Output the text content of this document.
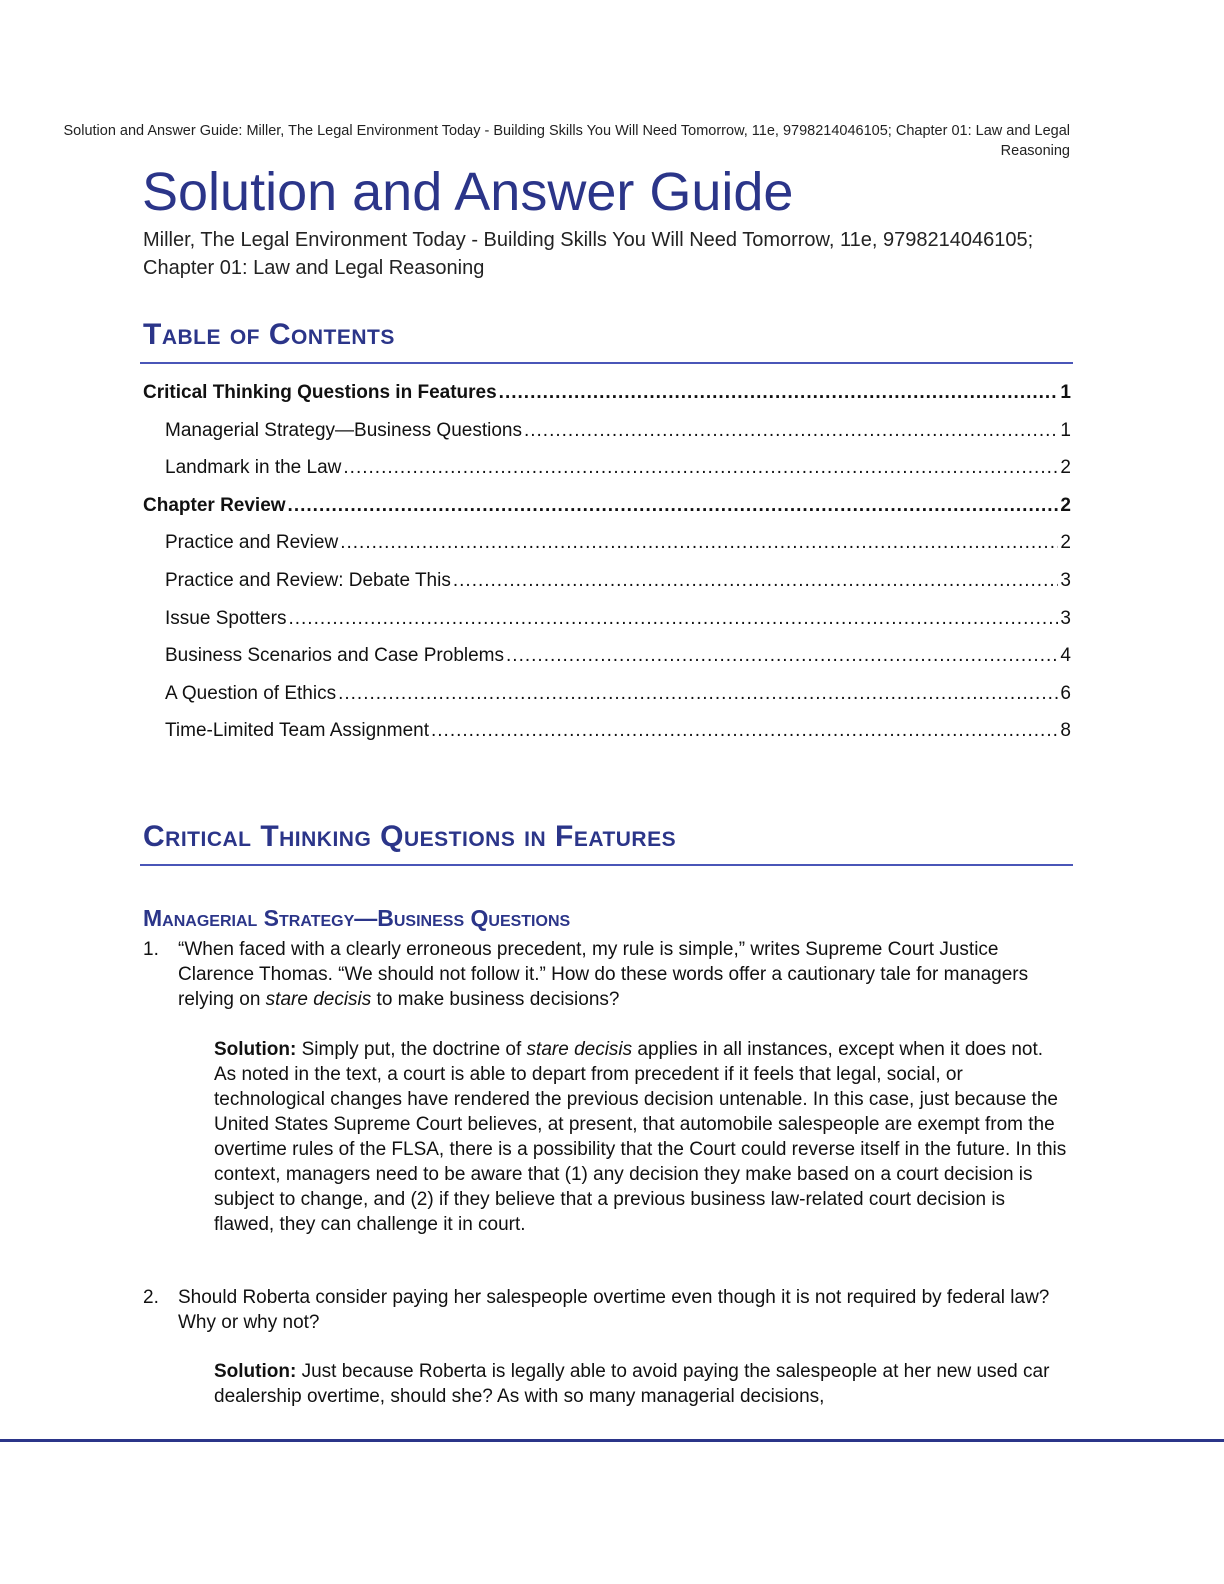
Solution and Answer Guide: Miller, The Legal Environment Today - Building Skills You Will Need Tomorrow, 11e, 9798214046105; Chapter 01: Law and Legal Reasoning
Solution and Answer Guide
Miller, The Legal Environment Today - Building Skills You Will Need Tomorrow, 11e, 9798214046105; Chapter 01: Law and Legal Reasoning
Table of Contents
Critical Thinking Questions in Features .....	1
Managerial Strategy—Business Questions .....	1
Landmark in the Law .....	2
Chapter Review .....	2
Practice and Review .....	2
Practice and Review: Debate This .....	3
Issue Spotters .....	3
Business Scenarios and Case Problems .....	4
A Question of Ethics .....	6
Time-Limited Team Assignment .....	8
Critical Thinking Questions in Features
Managerial Strategy—Business Questions
1. “When faced with a clearly erroneous precedent, my rule is simple,” writes Supreme Court Justice Clarence Thomas. “We should not follow it.” How do these words offer a cautionary tale for managers relying on stare decisis to make business decisions?
Solution: Simply put, the doctrine of stare decisis applies in all instances, except when it does not. As noted in the text, a court is able to depart from precedent if it feels that legal, social, or technological changes have rendered the previous decision untenable. In this case, just because the United States Supreme Court believes, at present, that automobile salespeople are exempt from the overtime rules of the FLSA, there is a possibility that the Court could reverse itself in the future. In this context, managers need to be aware that (1) any decision they make based on a court decision is subject to change, and (2) if they believe that a previous business law-related court decision is flawed, they can challenge it in court.
2. Should Roberta consider paying her salespeople overtime even though it is not required by federal law? Why or why not?
Solution: Just because Roberta is legally able to avoid paying the salespeople at her new used car dealership overtime, should she? As with so many managerial decisions,
